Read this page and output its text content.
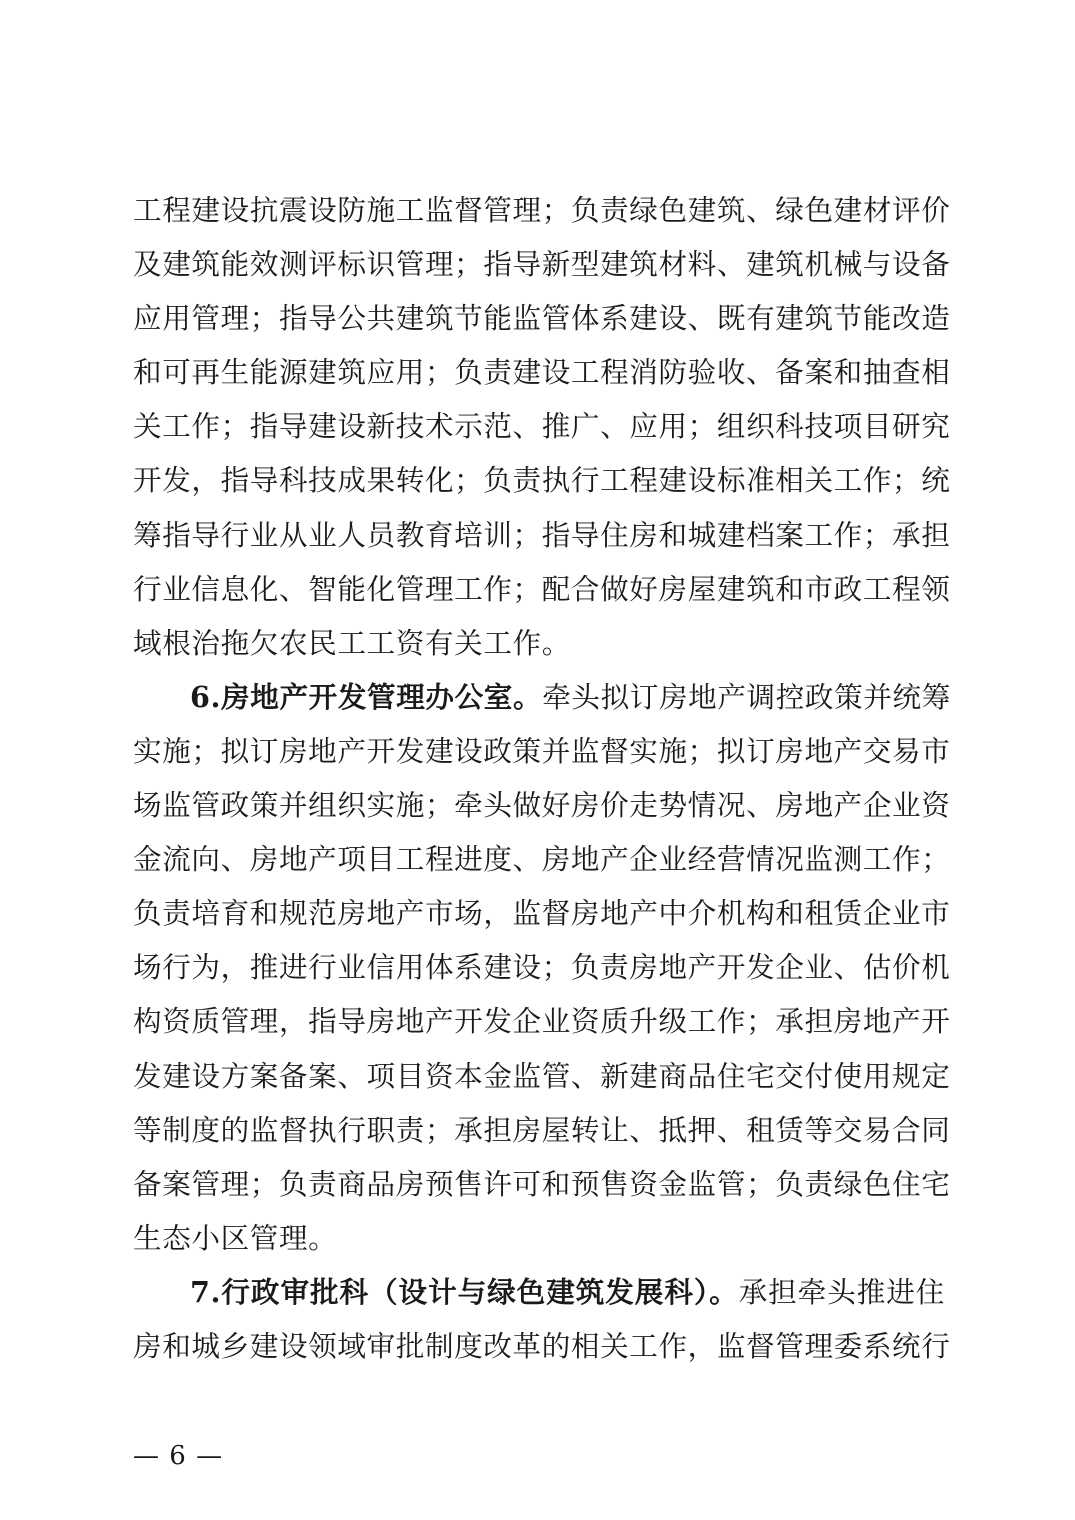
工程建设抗震设防施工监督管理；负责绿色建筑、绿色建材评价
及建筑能效测评标识管理；指导新型建筑材料、建筑机械与设备
应用管理；指导公共建筑节能监管体系建设、既有建筑节能改造
和可再生能源建筑应用；负责建设工程消防验收、备案和抽查相
关工作；指导建设新技术示范、推广、应用；组织科技项目研究
开发，指导科技成果转化；负责执行工程建设标准相关工作；统
筹指导行业从业人员教育培训；指导住房和城建档案工作；承担
行业信息化、智能化管理工作；配合做好房屋建筑和市政工程领
域根治拖欠农民工工资有关工作。
6.房地产开发管理办公室。牵头拟订房地产调控政策并统筹
实施；拟订房地产开发建设政策并监督实施；拟订房地产交易市
场监管政策并组织实施；牵头做好房价走势情况、房地产企业资
金流向、房地产项目工程进度、房地产企业经营情况监测工作；
负责培育和规范房地产市场，监督房地产中介机构和租赁企业市
场行为，推进行业信用体系建设；负责房地产开发企业、估价机
构资质管理，指导房地产开发企业资质升级工作；承担房地产开
发建设方案备案、项目资本金监管、新建商品住宅交付使用规定
等制度的监督执行职责；承担房屋转让、抵押、租赁等交易合同
备案管理；负责商品房预售许可和预售资金监管；负责绿色住宅
生态小区管理。
7.行政审批科（设计与绿色建筑发展科）。承担牵头推进住
房和城乡建设领域审批制度改革的相关工作，监督管理委系统行
— 6 —
